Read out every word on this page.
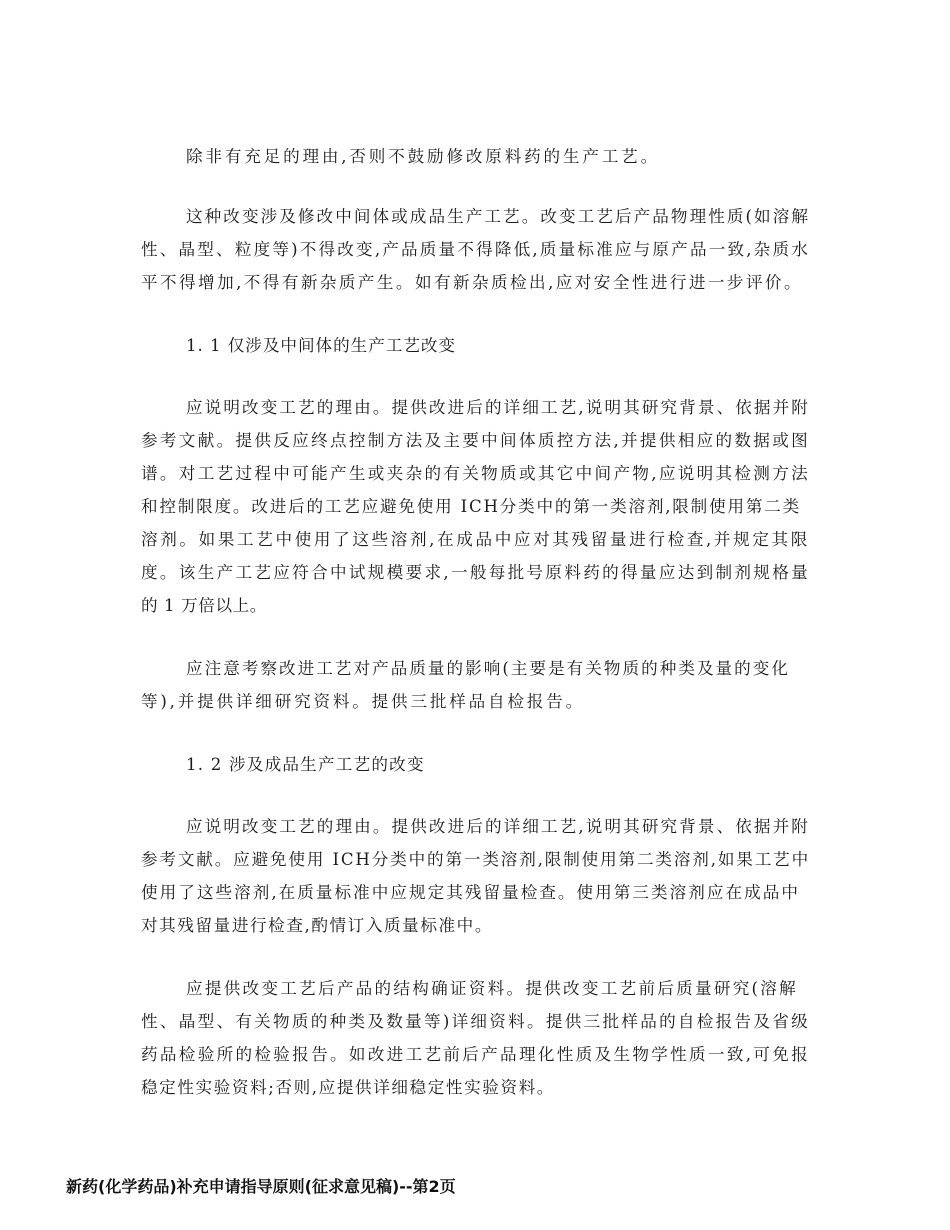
除非有充足的理由,否则不鼓励修改原料药的生产工艺。
这种改变涉及修改中间体或成品生产工艺。改变工艺后产品物理性质(如溶解
性、晶型、粒度等)不得改变,产品质量不得降低,质量标准应与原产品一致,杂质水
平不得增加,不得有新杂质产生。如有新杂质检出,应对安全性进行进一步评价。
1. 1 仅涉及中间体的生产工艺改变
应说明改变工艺的理由。提供改进后的详细工艺,说明其研究背景、依据并附
参考文献。提供反应终点控制方法及主要中间体质控方法,并提供相应的数据或图
谱。对工艺过程中可能产生或夹杂的有关物质或其它中间产物,应说明其检测方法
和控制限度。改进后的工艺应避免使用 ICH分类中的第一类溶剂,限制使用第二类
溶剂。如果工艺中使用了这些溶剂,在成品中应对其残留量进行检查,并规定其限
度。该生产工艺应符合中试规模要求,一般每批号原料药的得量应达到制剂规格量
的 1 万倍以上。
应注意考察改进工艺对产品质量的影响(主要是有关物质的种类及量的变化
等),并提供详细研究资料。提供三批样品自检报告。
1. 2 涉及成品生产工艺的改变
应说明改变工艺的理由。提供改进后的详细工艺,说明其研究背景、依据并附
参考文献。应避免使用 ICH分类中的第一类溶剂,限制使用第二类溶剂,如果工艺中
使用了这些溶剂,在质量标准中应规定其残留量检查。使用第三类溶剂应在成品中
对其残留量进行检查,酌情订入质量标准中。
应提供改变工艺后产品的结构确证资料。提供改变工艺前后质量研究(溶解
性、晶型、有关物质的种类及数量等)详细资料。提供三批样品的自检报告及省级
药品检验所的检验报告。如改进工艺前后产品理化性质及生物学性质一致,可免报
稳定性实验资料;否则,应提供详细稳定性实验资料。
新药(化学药品)补充申请指导原则(征求意见稿)--第2页
